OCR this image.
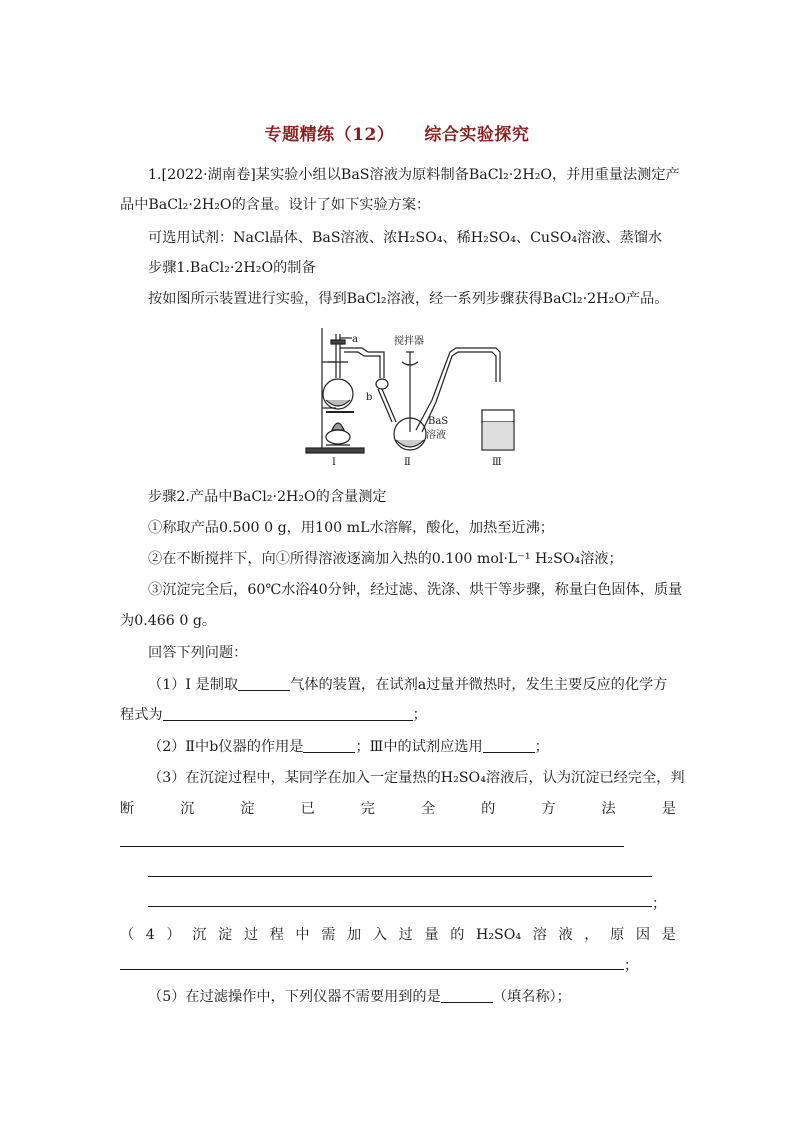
专题精练（12） 综合实验探究
1.[2022·湖南卷]某实验小组以BaS溶液为原料制备BaCl₂·2H₂O，并用重量法测定产
品中BaCl₂·2H₂O的含量。设计了如下实验方案：
可选用试剂：NaCl晶体、BaS溶液、浓H₂SO₄、稀H₂SO₄、CuSO₄溶液、蒸馏水
步骤1.BaCl₂·2H₂O的制备
按如图所示装置进行实验，得到BaCl₂溶液，经一系列步骤获得BaCl₂·2H₂O产品。
a
b
搅拌器
BaS
溶液
Ⅰ	Ⅱ	Ⅲ
步骤2.产品中BaCl₂·2H₂O的含量测定
①称取产品0.500 0 g，用100 mL水溶解，酸化，加热至近沸；
②在不断搅拌下，向①所得溶液逐滴加入热的0.100 mol·L⁻¹ H₂SO₄溶液；
③沉淀完全后，60℃水浴40分钟，经过滤、洗涤、烘干等步骤，称量白色固体，质量
为0.466 0 g。
回答下列问题：
（1）Ⅰ 是制取	气体的装置，在试剂a过量并微热时，发生主要反应的化学方
程式为	；
（2）Ⅱ中b仪器的作用是	；Ⅲ中的试剂应选用	；
（3）在沉淀过程中，某同学在加入一定量热的H₂SO₄溶液后，认为沉淀已经完全，判
断	沉	淀	已	完	全	的	方	法	是
；
（ 4 ） 沉 淀 过 程 中 需 加 入 过 量 的 H₂SO₄ 溶 液 ， 原 因 是
；
（5）在过滤操作中，下列仪器不需要用到的是	（填名称）；
